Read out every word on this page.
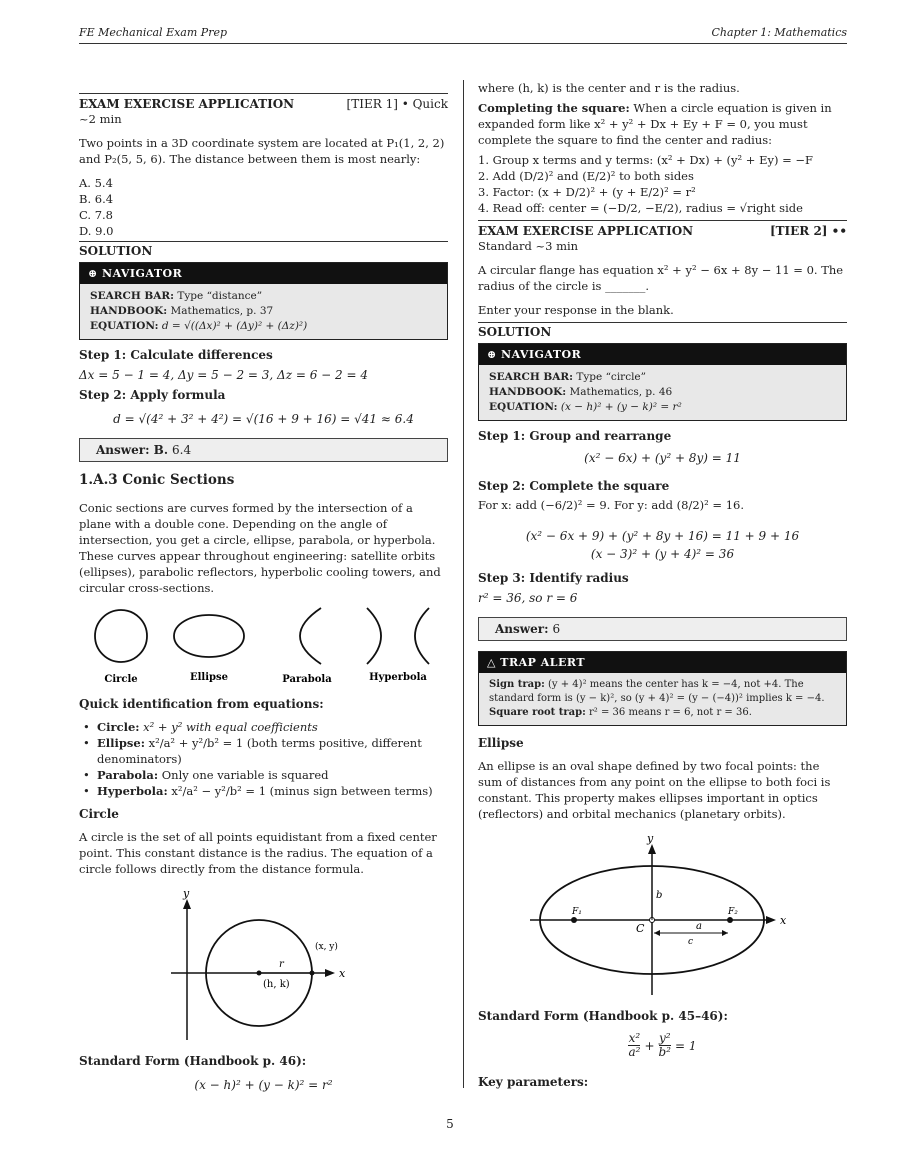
FE Mechanical Exam Prep	Chapter 1: Mathematics
EXAM EXERCISE APPLICATION	[TIER 1] • Quick
~2 min

Two points in a 3D coordinate system are located at P₁(1, 2, 2) and P₂(5, 5, 6). The distance between them is most nearly:

A. 5.4
B. 6.4
C. 7.8
D. 9.0
SOLUTION
⊕ NAVIGATOR
SEARCH BAR: Type “distance”
HANDBOOK: Mathematics, p. 37
EQUATION: d = √((Δx)² + (Δy)² + (Δz)²)
Step 1: Calculate differences
Δx = 5 − 1 = 4, Δy = 5 − 2 = 3, Δz = 6 − 2 = 4
Step 2: Apply formula
d = √(4² + 3² + 4²) = √(16 + 9 + 16) = √41 ≈ 6.4
Answer: B. 6.4
1.A.3 Conic Sections

Conic sections are curves formed by the intersection of a plane with a double cone. Depending on the angle of intersection, you get a circle, ellipse, parabola, or hyperbola. These curves appear throughout engineering: satellite orbits (ellipses), parabolic reflectors, hyperbolic cooling towers, and circular cross-sections.

Circle	Ellipse	Parabola	Hyperbola
Quick identification from equations:
• Circle: x² + y² with equal coefficients
• Ellipse: x²/a² + y²/b² = 1 (both terms positive, different denominators)
• Parabola: Only one variable is squared
• Hyperbola: x²/a² − y²/b² = 1 (minus sign between terms)
Circle

A circle is the set of all points equidistant from a fixed center point. This constant distance is the radius. The equation of a circle follows directly from the distance formula.

y
x
r
(h, k)
(x, y)
Standard Form (Handbook p. 46):
(x − h)² + (y − k)² = r²

where (h, k) is the center and r is the radius.

Completing the square: When a circle equation is given in expanded form like x² + y² + Dx + Ey + F = 0, you must complete the square to find the center and radius:

1. Group x terms and y terms: (x² + Dx) + (y² + Ey) = −F
2. Add (D/2)² and (E/2)² to both sides
3. Factor: (x + D/2)² + (y + E/2)² = r²
4. Read off: center = (−D/2, −E/2), radius = √right side
EXAM EXERCISE APPLICATION	[TIER 2] ••
Standard ~3 min

A circular flange has equation x² + y² − 6x + 8y − 11 = 0. The radius of the circle is _______.

Enter your response in the blank.

SOLUTION
⊕ NAVIGATOR
SEARCH BAR: Type “circle”
HANDBOOK: Mathematics, p. 46
EQUATION: (x − h)² + (y − k)² = r²
Step 1: Group and rearrange
(x² − 6x) + (y² + 8y) = 11
Step 2: Complete the square

For x: add (−6/2)² = 9. For y: add (8/2)² = 16.

(x² − 6x + 9) + (y² + 8y + 16) = 11 + 9 + 16
(x − 3)² + (y + 4)² = 36
Step 3: Identify radius
r² = 36, so r = 6
Answer: 6
△ TRAP ALERT
Sign trap: (y + 4)² means the center has k = −4, not +4. The standard form is (y − k)², so (y + 4)² = (y − (−4))² implies k = −4.
Square root trap: r² = 36 means r = 6, not r = 36.
Ellipse

An ellipse is an oval shape defined by two focal points: the sum of distances from any point on the ellipse to both foci is constant. This property makes ellipses important in optics (reflectors) and orbital mechanics (planetary orbits).

y
x
b
F₁	F₂
C	a
c
Standard Form (Handbook p. 45–46):
$\frac{\text{x²}}{\text{a²}} + \frac{\text{y²}}{\text{b²}} = 1$
Key parameters:
5
